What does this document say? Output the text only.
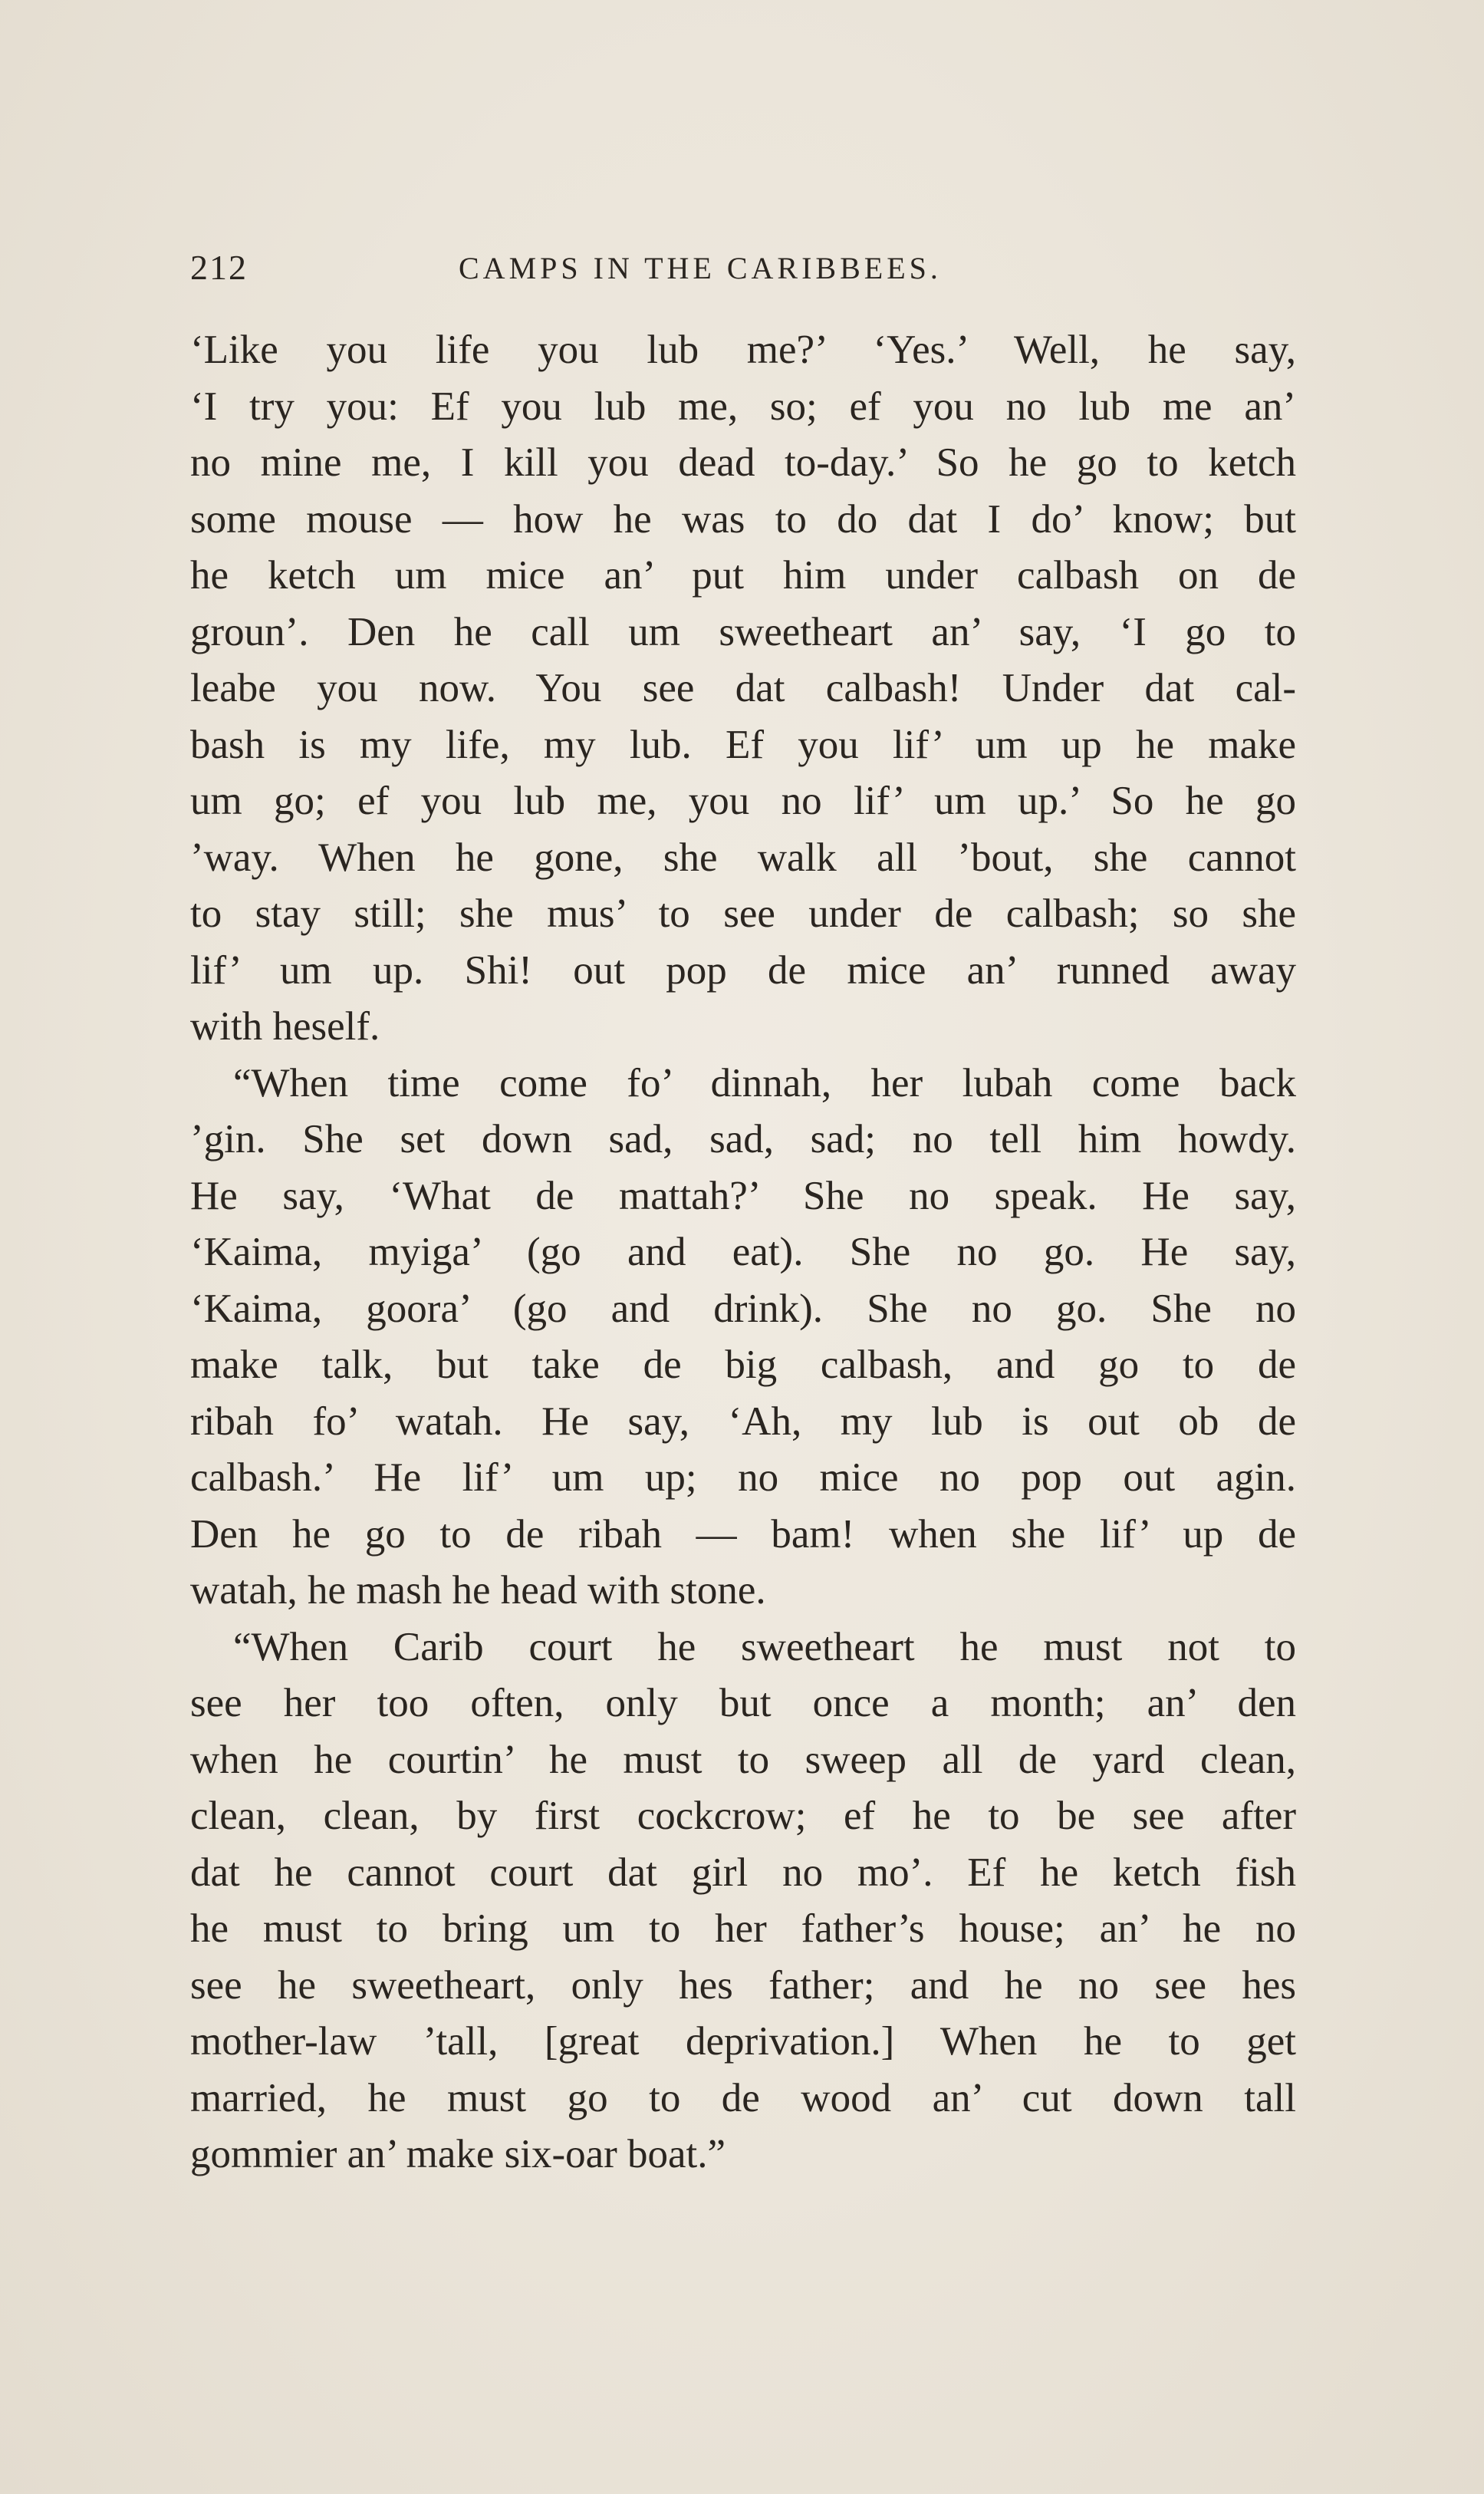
212	CAMPS IN THE CARIBBEES.
‘Like you life you lub me?’ ‘Yes.’ Well, he say,
‘I try you: Ef you lub me, so; ef you no lub me an’
no mine me, I kill you dead to-day.’ So he go to ketch
some mouse — how he was to do dat I do’ know; but
he ketch um mice an’ put him under calbash on de
groun’. Den he call um sweetheart an’ say, ‘I go to
leabe you now. You see dat calbash! Under dat cal-
bash is my life, my lub. Ef you lif’ um up he make
um go; ef you lub me, you no lif’ um up.’ So he go
’way. When he gone, she walk all ’bout, she cannot
to stay still; she mus’ to see under de calbash; so she
lif’ um up. Shi! out pop de mice an’ runned away
with heself.
“When time come fo’ dinnah, her lubah come back
’gin. She set down sad, sad, sad; no tell him howdy.
He say, ‘What de mattah?’ She no speak. He say,
‘Kaima, myiga’ (go and eat). She no go. He say,
‘Kaima, goora’ (go and drink). She no go. She no
make talk, but take de big calbash, and go to de
ribah fo’ watah. He say, ‘Ah, my lub is out ob de
calbash.’ He lif’ um up; no mice no pop out agin.
Den he go to de ribah — bam! when she lif’ up de
watah, he mash he head with stone.
“When Carib court he sweetheart he must not to
see her too often, only but once a month; an’ den
when he courtin’ he must to sweep all de yard clean,
clean, clean, by first cockcrow; ef he to be see after
dat he cannot court dat girl no mo’. Ef he ketch fish
he must to bring um to her father’s house; an’ he no
see he sweetheart, only hes father; and he no see hes
mother-law ’tall, [great deprivation.] When he to get
married, he must go to de wood an’ cut down tall
gommier an’ make six-oar boat.”
